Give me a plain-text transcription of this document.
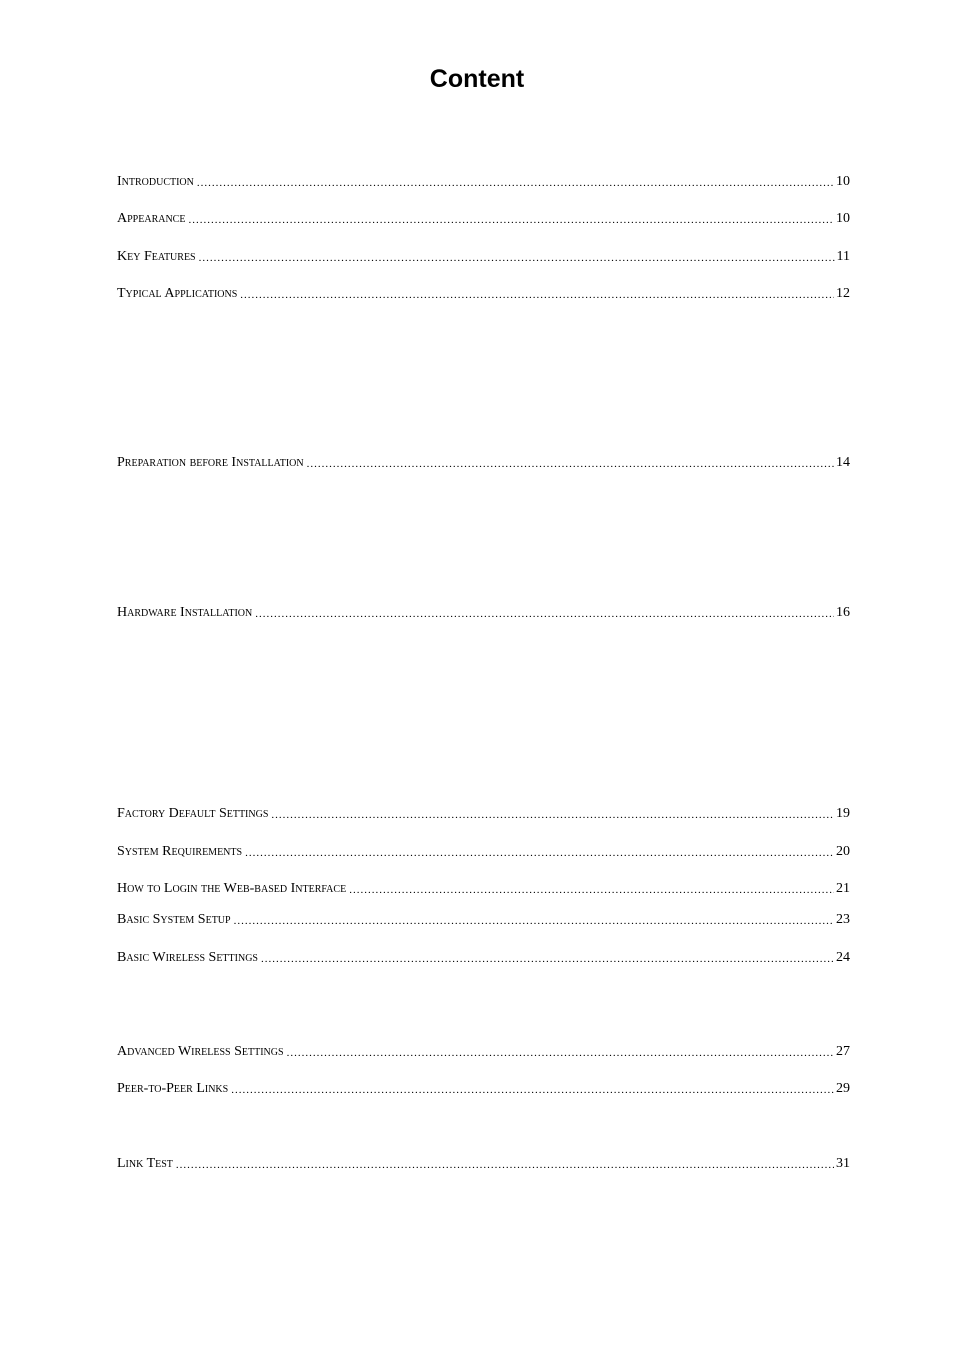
Content
Introduction .....	10
Appearance .....	10
Key Features .....	11
Typical Applications .....	12
Preparation before Installation .....	14
Hardware Installation .....	16
Factory Default Settings .....	19
System Requirements .....	20
How to Login the Web-based Interface .....	21
Basic System Setup .....	23
Basic Wireless Settings .....	24
Advanced Wireless Settings .....	27
Peer-to-Peer Links .....	29
Link Test .....	31
